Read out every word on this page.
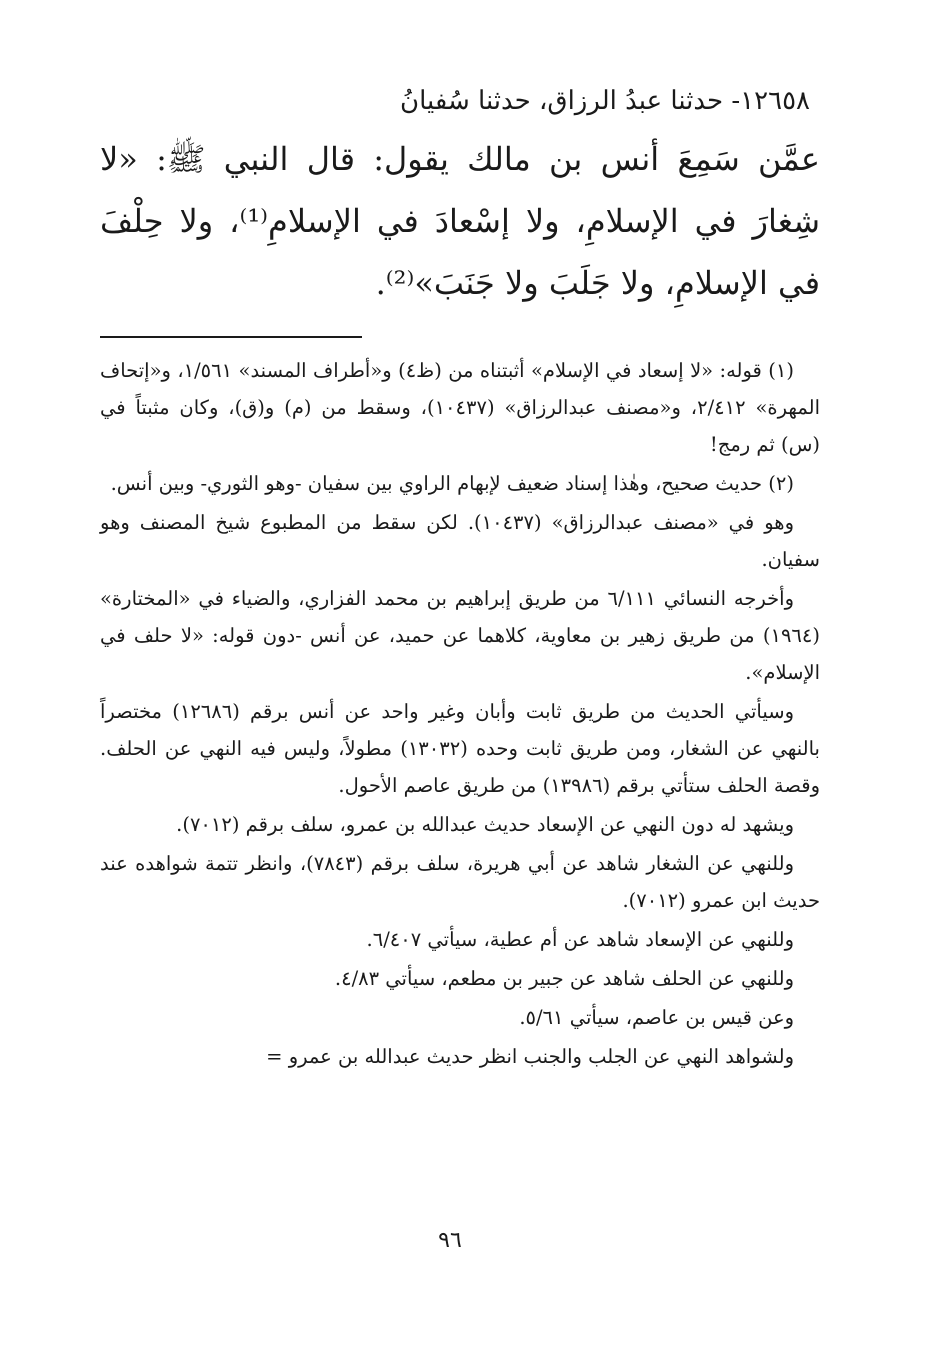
١٢٦٥٨- حدثنا عبدُ الرزاق، حدثنا سُفيانُ

عمَّن سَمِعَ أنس بن مالك يقول: قال النبي ﷺ: «لا شِغارَ في الإسلامِ، ولا إسْعادَ في الإسلامِ⁽¹⁾، ولا حِلْفَ في الإسلامِ، ولا جَلَبَ ولا جَنَبَ»⁽²⁾.

(١) قوله: «لا إسعاد في الإسلام» أثبتناه من (ظ٤) و«أطراف المسند» ١/٥٦١، و«إتحاف المهرة» ٢/٤١٢، و«مصنف عبدالرزاق» (١٠٤٣٧)، وسقط من (م) و(ق)، وكان مثبتاً في (س) ثم رمج!

(٢) حديث صحيح، وهٰذا إسناد ضعيف لإبهام الراوي بين سفيان -وهو الثوري- وبين أنس.

وهو في «مصنف عبدالرزاق» (١٠٤٣٧). لكن سقط من المطبوع شيخ المصنف وهو سفيان.

وأخرجه النسائي ٦/١١١ من طريق إبراهيم بن محمد الفزاري، والضياء في «المختارة» (١٩٦٤) من طريق زهير بن معاوية، كلاهما عن حميد، عن أنس -دون قوله: «لا حلف في الإسلام».

وسيأتي الحديث من طريق ثابت وأبان وغير واحد عن أنس برقم (١٢٦٨٦) مختصراً بالنهي عن الشغار، ومن طريق ثابت وحده (١٣٠٣٢) مطولاً، وليس فيه النهي عن الحلف. وقصة الحلف ستأتي برقم (١٣٩٨٦) من طريق عاصم الأحول.

ويشهد له دون النهي عن الإسعاد حديث عبدالله بن عمرو، سلف برقم (٧٠١٢).

وللنهي عن الشغار شاهد عن أبي هريرة، سلف برقم (٧٨٤٣)، وانظر تتمة شواهده عند حديث ابن عمرو (٧٠١٢).

وللنهي عن الإسعاد شاهد عن أم عطية، سيأتي ٦/٤٠٧.

وللنهي عن الحلف شاهد عن جبير بن مطعم، سيأتي ٤/٨٣.

وعن قيس بن عاصم، سيأتي ٥/٦١.

ولشواهد النهي عن الجلب والجنب انظر حديث عبدالله بن عمرو =

٩٦
